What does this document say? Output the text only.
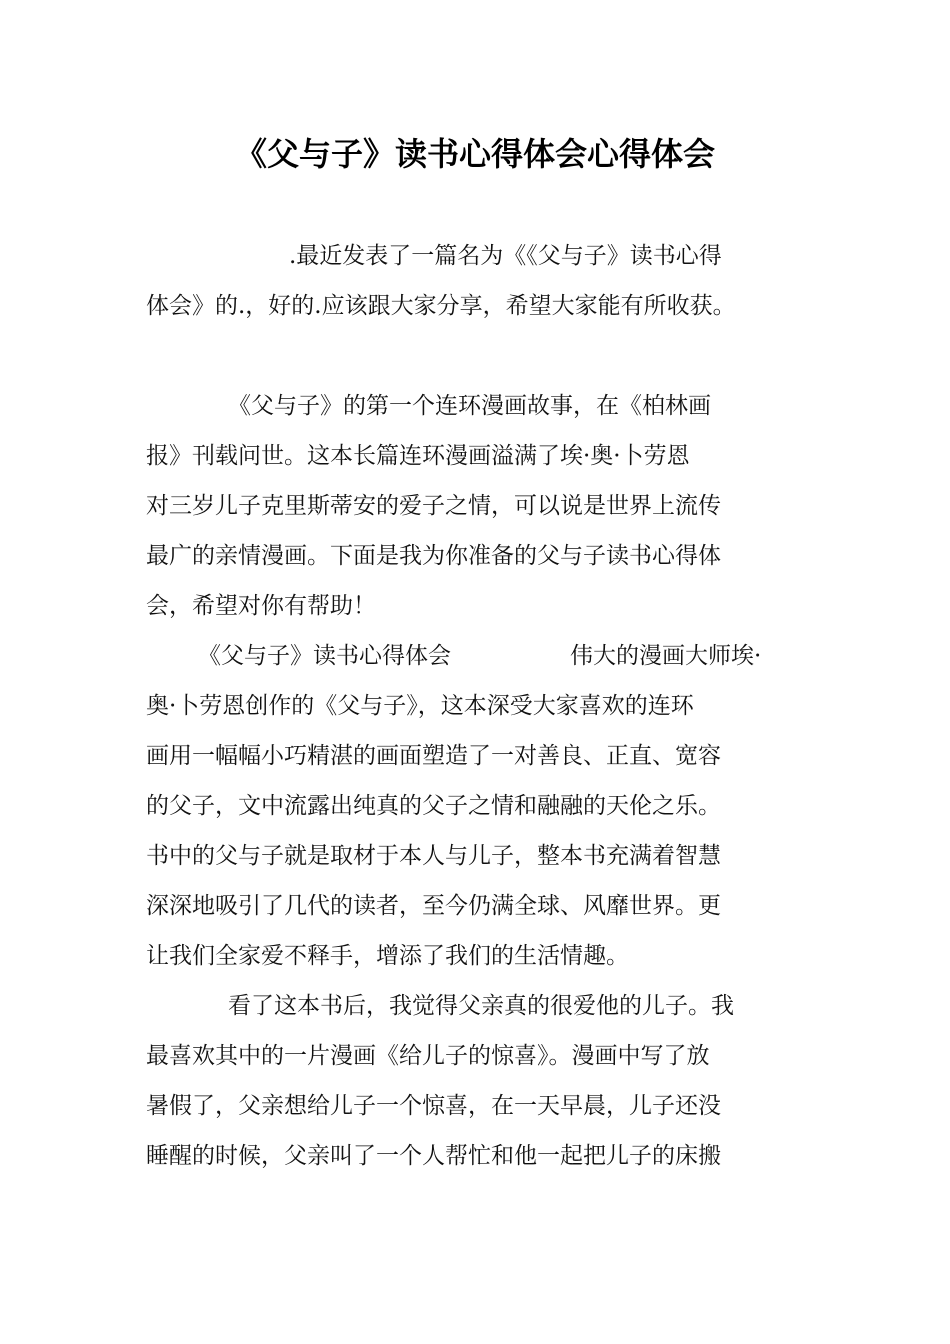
《父与子》读书心得体会心得体会
.最近发表了一篇名为《《父与子》读书心得
体会》的.，好的.应该跟大家分享，希望大家能有所收获。
《父与子》的第一个连环漫画故事，在《柏林画
报》刊载问世。这本长篇连环漫画溢满了埃·奥·卜劳恩
对三岁儿子克里斯蒂安的爱子之情，可以说是世界上流传
最广的亲情漫画。下面是我为你准备的父与子读书心得体
会，希望对你有帮助！
《父与子》读书心得体会	伟大的漫画大师埃·
奥·卜劳恩创作的《父与子》，这本深受大家喜欢的连环
画用一幅幅小巧精湛的画面塑造了一对善良、正直、宽容
的父子，文中流露出纯真的父子之情和融融的天伦之乐。
书中的父与子就是取材于本人与儿子，整本书充满着智慧
深深地吸引了几代的读者，至今仍满全球、风靡世界。更
让我们全家爱不释手，增添了我们的生活情趣。
看了这本书后，我觉得父亲真的很爱他的儿子。我
最喜欢其中的一片漫画《给儿子的惊喜》。漫画中写了放
暑假了，父亲想给儿子一个惊喜，在一天早晨，儿子还没
睡醒的时候，父亲叫了一个人帮忙和他一起把儿子的床搬
